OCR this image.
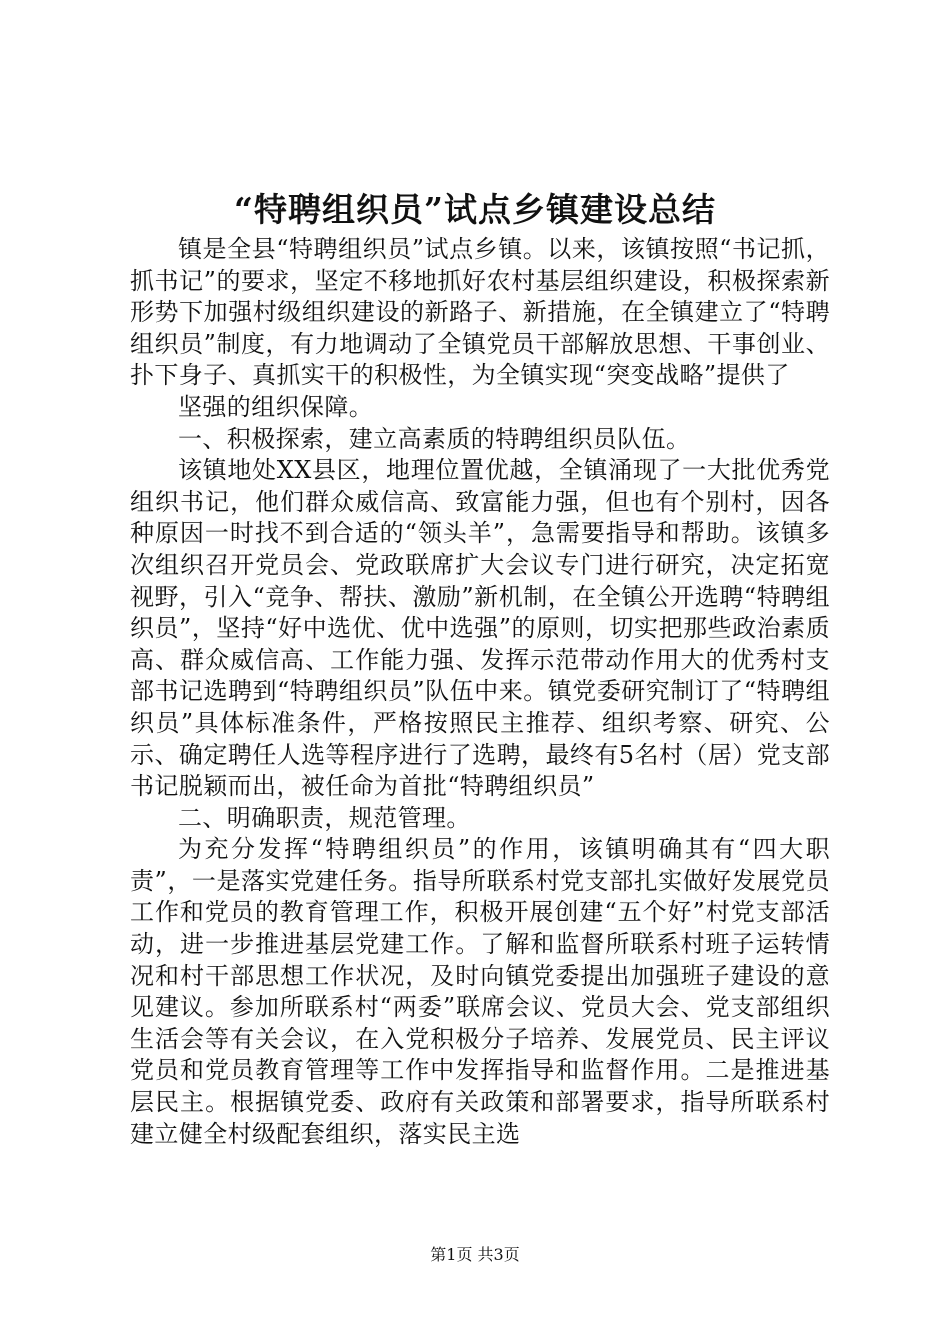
“特聘组织员”试点乡镇建设总结

镇是全县“特聘组织员”试点乡镇。以来，该镇按照“书记抓，抓书记”的要求，坚定不移地抓好农村基层组织建设，积极探索新形势下加强村级组织建设的新路子、新措施，在全镇建立了“特聘组织员”制度，有力地调动了全镇党员干部解放思想、干事创业、扑下身子、真抓实干的积极性，为全镇实现“突变战略”提供了

坚强的组织保障。

一、积极探索，建立高素质的特聘组织员队伍。

该镇地处XX县区，地理位置优越，全镇涌现了一大批优秀党组织书记，他们群众威信高、致富能力强，但也有个别村，因各种原因一时找不到合适的“领头羊”，急需要指导和帮助。该镇多次组织召开党员会、党政联席扩大会议专门进行研究，决定拓宽视野，引入“竞争、帮扶、激励”新机制，在全镇公开选聘“特聘组织员”，坚持“好中选优、优中选强”的原则，切实把那些政治素质高、群众威信高、工作能力强、发挥示范带动作用大的优秀村支部书记选聘到“特聘组织员”队伍中来。镇党委研究制订了“特聘组织员”具体标准条件，严格按照民主推荐、组织考察、研究、公示、确定聘任人选等程序进行了选聘，最终有5名村（居）党支部书记脱颖而出，被任命为首批“特聘组织员”

二、明确职责，规范管理。

为充分发挥“特聘组织员”的作用，该镇明确其有“四大职责”，一是落实党建任务。指导所联系村党支部扎实做好发展党员工作和党员的教育管理工作，积极开展创建“五个好”村党支部活动，进一步推进基层党建工作。了解和监督所联系村班子运转情况和村干部思想工作状况，及时向镇党委提出加强班子建设的意见建议。参加所联系村“两委”联席会议、党员大会、党支部组织生活会等有关会议，在入党积极分子培养、发展党员、民主评议党员和党员教育管理等工作中发挥指导和监督作用。二是推进基层民主。根据镇党委、政府有关政策和部署要求，指导所联系村建立健全村级配套组织，落实民主选

第1页 共3页
